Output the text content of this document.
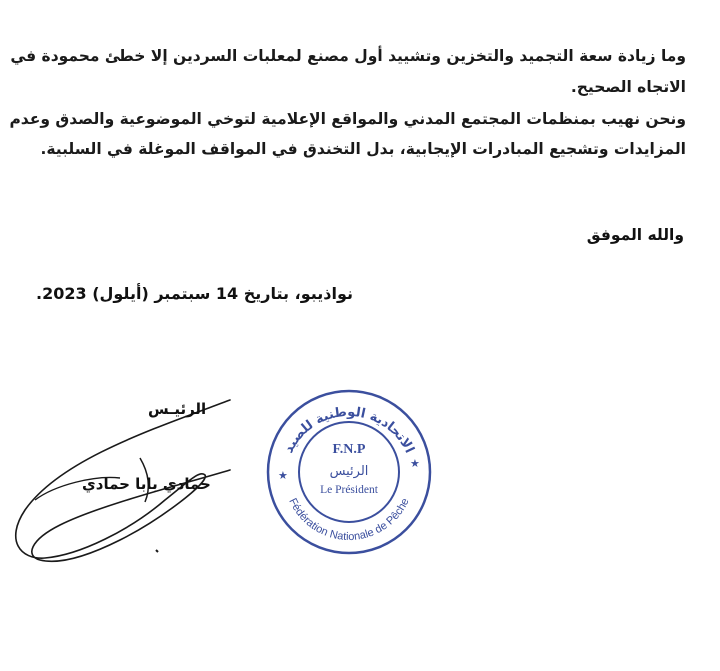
وما زيادة سعة التجميد والتخزين وتشييد أول مصنع لمعلبات السردين إلا خطئ محمودة في
الاتجاه الصحيح.
ونحن نهيب بمنظمات المجتمع المدني والمواقع الإعلامية لتوخي الموضوعية والصدق وعدم
المزايدات وتشجيع المبادرات الإيجابية، بدل التخندق في المواقف الموغلة في السلبية.
والله الموفق
نواذيبو، بتاريخ 14 سبتمبر (أيلول) 2023.
الرئيـس
حمادي بابا حمادي
الاتحادية الوطنية للصيد
Fédération Nationale de Pêche
★
★
F.N.P
الرئيس
Le Président
